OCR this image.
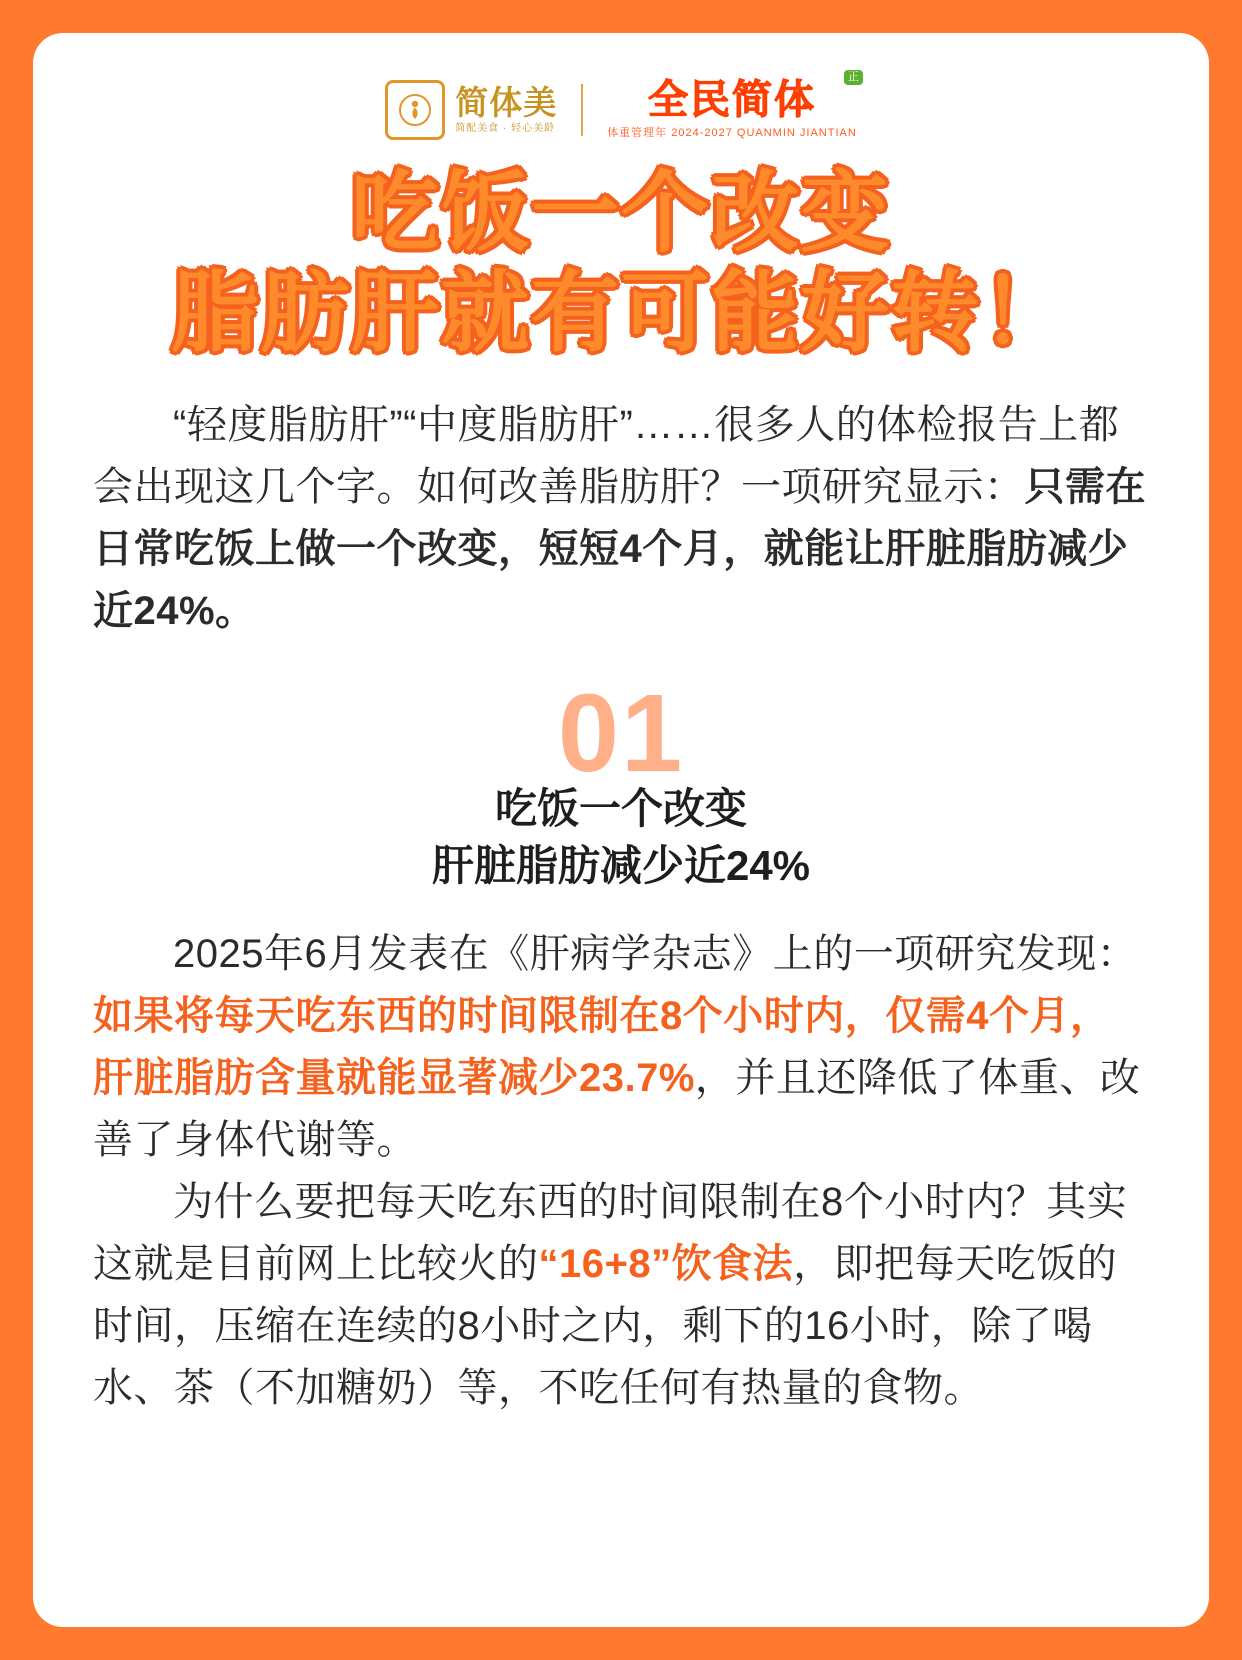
简体美
简配美食 · 轻心美龄
全民简体
体重管理年 2024-2027 QUANMIN JIANTIAN
正
吃饭一个改变
脂肪肝就有可能好转！

“轻度脂肪肝”“中度脂肪肝”……很多人的体检报告上都会出现这几个字。如何改善脂肪肝？一项研究显示：只需在日常吃饭上做一个改变，短短4个月，就能让肝脏脂肪减少近24%。

01
吃饭一个改变
肝脏脂肪减少近24%

2025年6月发表在《肝病学杂志》上的一项研究发现：如果将每天吃东西的时间限制在8个小时内，仅需4个月，肝脏脂肪含量就能显著减少23.7%，并且还降低了体重、改善了身体代谢等。

为什么要把每天吃东西的时间限制在8个小时内？其实这就是目前网上比较火的“16+8”饮食法，即把每天吃饭的时间，压缩在连续的8小时之内，剩下的16小时，除了喝水、茶（不加糖奶）等，不吃任何有热量的食物。
